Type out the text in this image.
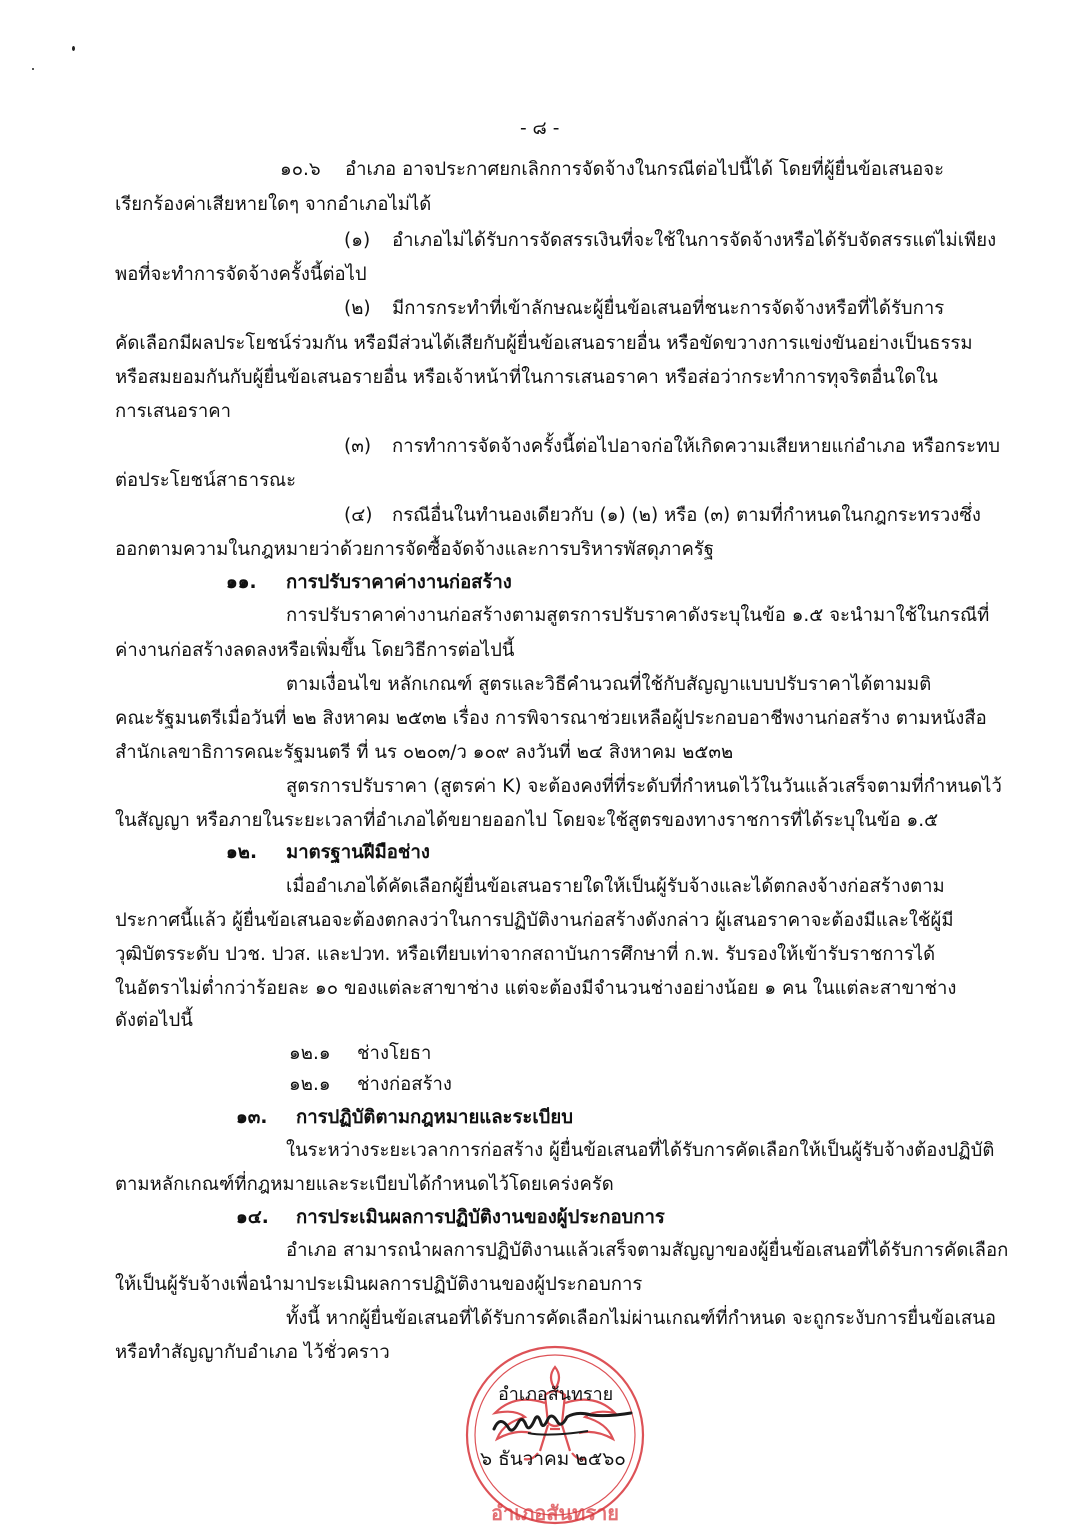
- ๘ -
๑๐.๖ อำเภอ อาจประกาศยกเลิกการจัดจ้างในกรณีต่อไปนี้ได้ โดยที่ผู้ยื่นข้อเสนอจะ
เรียกร้องค่าเสียหายใดๆ จากอำเภอไม่ได้
(๑) อำเภอไม่ได้รับการจัดสรรเงินที่จะใช้ในการจัดจ้างหรือได้รับจัดสรรแต่ไม่เพียง
พอที่จะทำการจัดจ้างครั้งนี้ต่อไป
(๒) มีการกระทำที่เข้าลักษณะผู้ยื่นข้อเสนอที่ชนะการจัดจ้างหรือที่ได้รับการ
คัดเลือกมีผลประโยชน์ร่วมกัน หรือมีส่วนได้เสียกับผู้ยื่นข้อเสนอรายอื่น หรือขัดขวางการแข่งขันอย่างเป็นธรรม
หรือสมยอมกันกับผู้ยื่นข้อเสนอรายอื่น หรือเจ้าหน้าที่ในการเสนอราคา หรือส่อว่ากระทำการทุจริตอื่นใดใน
การเสนอราคา
(๓) การทำการจัดจ้างครั้งนี้ต่อไปอาจก่อให้เกิดความเสียหายแก่อำเภอ หรือกระทบ
ต่อประโยชน์สาธารณะ
(๔) กรณีอื่นในทำนองเดียวกับ (๑) (๒) หรือ (๓) ตามที่กำหนดในกฎกระทรวงซึ่ง
ออกตามความในกฎหมายว่าด้วยการจัดซื้อจัดจ้างและการบริหารพัสดุภาครัฐ
๑๑. การปรับราคาค่างานก่อสร้าง
การปรับราคาค่างานก่อสร้างตามสูตรการปรับราคาดังระบุในข้อ ๑.๕ จะนำมาใช้ในกรณีที่
ค่างานก่อสร้างลดลงหรือเพิ่มขึ้น โดยวิธีการต่อไปนี้
ตามเงื่อนไข หลักเกณฑ์ สูตรและวิธีคำนวณที่ใช้กับสัญญาแบบปรับราคาได้ตามมติ
คณะรัฐมนตรีเมื่อวันที่ ๒๒ สิงหาคม ๒๕๓๒ เรื่อง การพิจารณาช่วยเหลือผู้ประกอบอาชีพงานก่อสร้าง ตามหนังสือ
สำนักเลขาธิการคณะรัฐมนตรี ที่ นร ๐๒๐๓/ว ๑๐๙ ลงวันที่ ๒๔ สิงหาคม ๒๕๓๒
สูตรการปรับราคา (สูตรค่า K) จะต้องคงที่ที่ระดับที่กำหนดไว้ในวันแล้วเสร็จตามที่กำหนดไว้
ในสัญญา หรือภายในระยะเวลาที่อำเภอได้ขยายออกไป โดยจะใช้สูตรของทางราชการที่ได้ระบุในข้อ ๑.๕
๑๒. มาตรฐานฝีมือช่าง
เมื่ออำเภอได้คัดเลือกผู้ยื่นข้อเสนอรายใดให้เป็นผู้รับจ้างและได้ตกลงจ้างก่อสร้างตาม
ประกาศนี้แล้ว ผู้ยื่นข้อเสนอจะต้องตกลงว่าในการปฏิบัติงานก่อสร้างดังกล่าว ผู้เสนอราคาจะต้องมีและใช้ผู้มี
วุฒิบัตรระดับ ปวช. ปวส. และปวท. หรือเทียบเท่าจากสถาบันการศึกษาที่ ก.พ. รับรองให้เข้ารับราชการได้
ในอัตราไม่ต่ำกว่าร้อยละ ๑๐ ของแต่ละสาขาช่าง แต่จะต้องมีจำนวนช่างอย่างน้อย ๑ คน ในแต่ละสาขาช่าง
ดังต่อไปนี้
๑๒.๑ ช่างโยธา
๑๒.๑ ช่างก่อสร้าง
๑๓. การปฏิบัติตามกฎหมายและระเบียบ
ในระหว่างระยะเวลาการก่อสร้าง ผู้ยื่นข้อเสนอที่ได้รับการคัดเลือกให้เป็นผู้รับจ้างต้องปฏิบัติ
ตามหลักเกณฑ์ที่กฎหมายและระเบียบได้กำหนดไว้โดยเคร่งครัด
๑๔. การประเมินผลการปฏิบัติงานของผู้ประกอบการ
อำเภอ สามารถนำผลการปฏิบัติงานแล้วเสร็จตามสัญญาของผู้ยื่นข้อเสนอที่ได้รับการคัดเลือก
ให้เป็นผู้รับจ้างเพื่อนำมาประเมินผลการปฏิบัติงานของผู้ประกอบการ
ทั้งนี้ หากผู้ยื่นข้อเสนอที่ได้รับการคัดเลือกไม่ผ่านเกณฑ์ที่กำหนด จะถูกระงับการยื่นข้อเสนอ
หรือทำสัญญากับอำเภอ ไว้ชั่วคราว
อำเภอสันทราย
อำเภอสันทราย
๖ ธันวาคม ๒๕๖๐
